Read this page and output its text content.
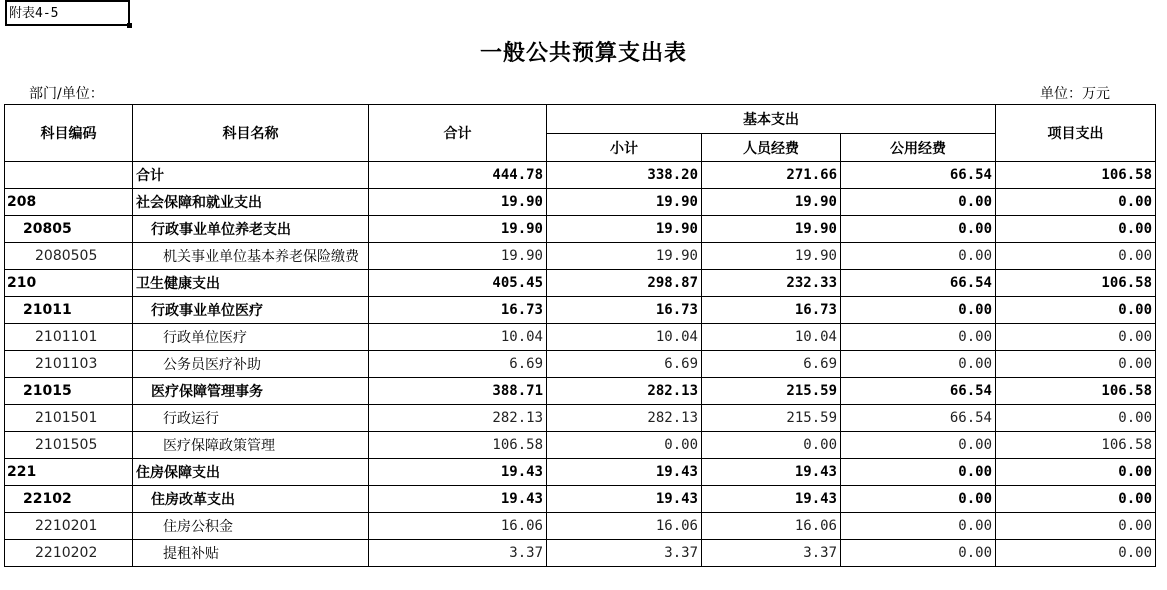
附表4-5
一般公共预算支出表
部门/单位：	单位：万元
科目编码	科目名称	合计	基本支出			项目支出
			小计	人员经费	公用经费	
	合计	444.78	338.20	271.66	66.54	106.58
208	社会保障和就业支出	19.90	19.90	19.90	0.00	0.00
20805	行政事业单位养老支出	19.90	19.90	19.90	0.00	0.00
2080505	机关事业单位基本养老保险缴费	19.90	19.90	19.90	0.00	0.00
210	卫生健康支出	405.45	298.87	232.33	66.54	106.58
21011	行政事业单位医疗	16.73	16.73	16.73	0.00	0.00
2101101	行政单位医疗	10.04	10.04	10.04	0.00	0.00
2101103	公务员医疗补助	6.69	6.69	6.69	0.00	0.00
21015	医疗保障管理事务	388.71	282.13	215.59	66.54	106.58
2101501	行政运行	282.13	282.13	215.59	66.54	0.00
2101505	医疗保障政策管理	106.58	0.00	0.00	0.00	106.58
221	住房保障支出	19.43	19.43	19.43	0.00	0.00
22102	住房改革支出	19.43	19.43	19.43	0.00	0.00
2210201	住房公积金	16.06	16.06	16.06	0.00	0.00
2210202	提租补贴	3.37	3.37	3.37	0.00	0.00
